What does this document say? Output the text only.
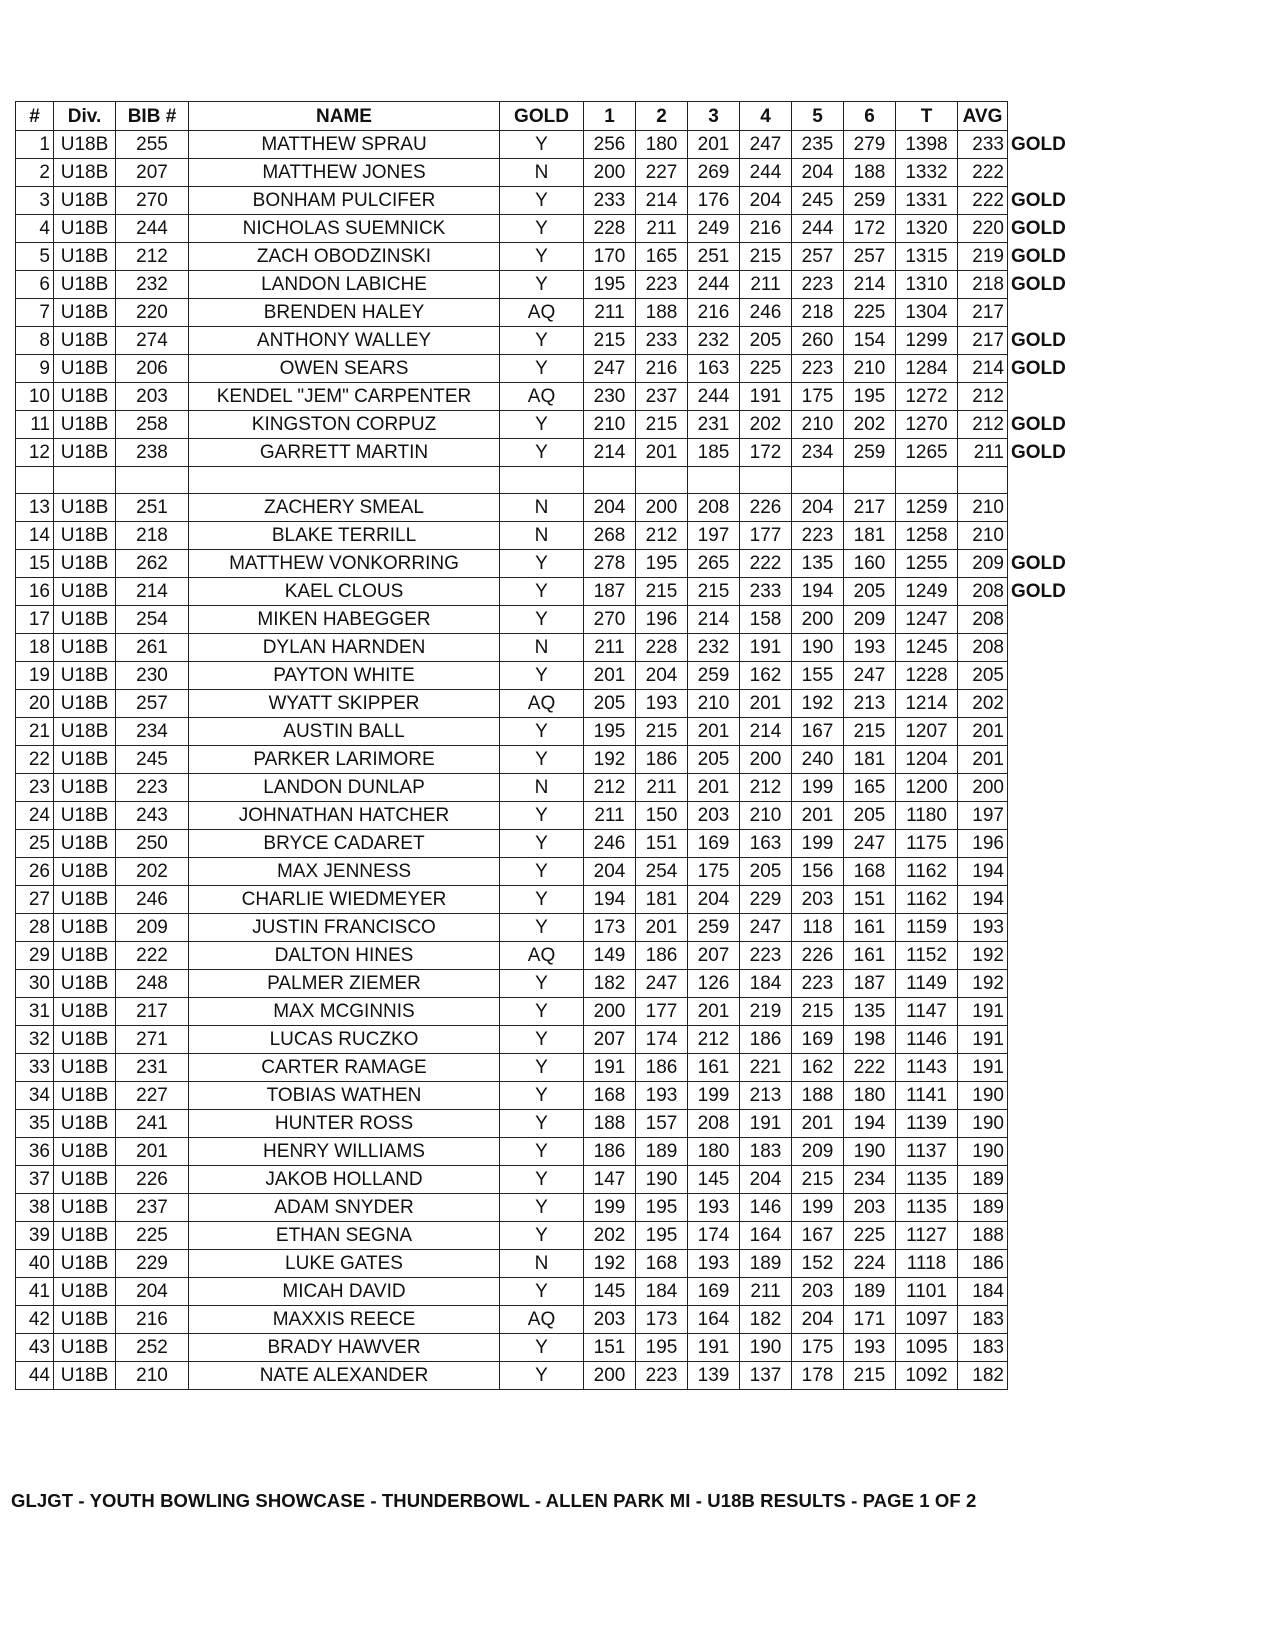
#	Div.	BIB #	NAME	GOLD	1	2	3	4	5	6	T	AVG	
1	U18B	255	MATTHEW SPRAU	Y	256	180	201	247	235	279	1398	233	GOLD
2	U18B	207	MATTHEW JONES	N	200	227	269	244	204	188	1332	222	
3	U18B	270	BONHAM PULCIFER	Y	233	214	176	204	245	259	1331	222	GOLD
4	U18B	244	NICHOLAS SUEMNICK	Y	228	211	249	216	244	172	1320	220	GOLD
5	U18B	212	ZACH OBODZINSKI	Y	170	165	251	215	257	257	1315	219	GOLD
6	U18B	232	LANDON LABICHE	Y	195	223	244	211	223	214	1310	218	GOLD
7	U18B	220	BRENDEN HALEY	AQ	211	188	216	246	218	225	1304	217	
8	U18B	274	ANTHONY WALLEY	Y	215	233	232	205	260	154	1299	217	GOLD
9	U18B	206	OWEN SEARS	Y	247	216	163	225	223	210	1284	214	GOLD
10	U18B	203	KENDEL "JEM" CARPENTER	AQ	230	237	244	191	175	195	1272	212	
11	U18B	258	KINGSTON CORPUZ	Y	210	215	231	202	210	202	1270	212	GOLD
12	U18B	238	GARRETT MARTIN	Y	214	201	185	172	234	259	1265	211	GOLD

13	U18B	251	ZACHERY SMEAL	N	204	200	208	226	204	217	1259	210	
14	U18B	218	BLAKE TERRILL	N	268	212	197	177	223	181	1258	210	
15	U18B	262	MATTHEW VONKORRING	Y	278	195	265	222	135	160	1255	209	GOLD
16	U18B	214	KAEL CLOUS	Y	187	215	215	233	194	205	1249	208	GOLD
17	U18B	254	MIKEN HABEGGER	Y	270	196	214	158	200	209	1247	208	
18	U18B	261	DYLAN HARNDEN	N	211	228	232	191	190	193	1245	208	
19	U18B	230	PAYTON WHITE	Y	201	204	259	162	155	247	1228	205	
20	U18B	257	WYATT SKIPPER	AQ	205	193	210	201	192	213	1214	202	
21	U18B	234	AUSTIN BALL	Y	195	215	201	214	167	215	1207	201	
22	U18B	245	PARKER LARIMORE	Y	192	186	205	200	240	181	1204	201	
23	U18B	223	LANDON DUNLAP	N	212	211	201	212	199	165	1200	200	
24	U18B	243	JOHNATHAN HATCHER	Y	211	150	203	210	201	205	1180	197	
25	U18B	250	BRYCE CADARET	Y	246	151	169	163	199	247	1175	196	
26	U18B	202	MAX JENNESS	Y	204	254	175	205	156	168	1162	194	
27	U18B	246	CHARLIE WIEDMEYER	Y	194	181	204	229	203	151	1162	194	
28	U18B	209	JUSTIN FRANCISCO	Y	173	201	259	247	118	161	1159	193	
29	U18B	222	DALTON HINES	AQ	149	186	207	223	226	161	1152	192	
30	U18B	248	PALMER ZIEMER	Y	182	247	126	184	223	187	1149	192	
31	U18B	217	MAX MCGINNIS	Y	200	177	201	219	215	135	1147	191	
32	U18B	271	LUCAS RUCZKO	Y	207	174	212	186	169	198	1146	191	
33	U18B	231	CARTER RAMAGE	Y	191	186	161	221	162	222	1143	191	
34	U18B	227	TOBIAS WATHEN	Y	168	193	199	213	188	180	1141	190	
35	U18B	241	HUNTER ROSS	Y	188	157	208	191	201	194	1139	190	
36	U18B	201	HENRY WILLIAMS	Y	186	189	180	183	209	190	1137	190	
37	U18B	226	JAKOB HOLLAND	Y	147	190	145	204	215	234	1135	189	
38	U18B	237	ADAM SNYDER	Y	199	195	193	146	199	203	1135	189	
39	U18B	225	ETHAN SEGNA	Y	202	195	174	164	167	225	1127	188	
40	U18B	229	LUKE GATES	N	192	168	193	189	152	224	1118	186	
41	U18B	204	MICAH DAVID	Y	145	184	169	211	203	189	1101	184	
42	U18B	216	MAXXIS REECE	AQ	203	173	164	182	204	171	1097	183	
43	U18B	252	BRADY HAWVER	Y	151	195	191	190	175	193	1095	183	
44	U18B	210	NATE ALEXANDER	Y	200	223	139	137	178	215	1092	182	
GLJGT - YOUTH BOWLING SHOWCASE - THUNDERBOWL - ALLEN PARK MI - U18B RESULTS - PAGE 1 OF 2
